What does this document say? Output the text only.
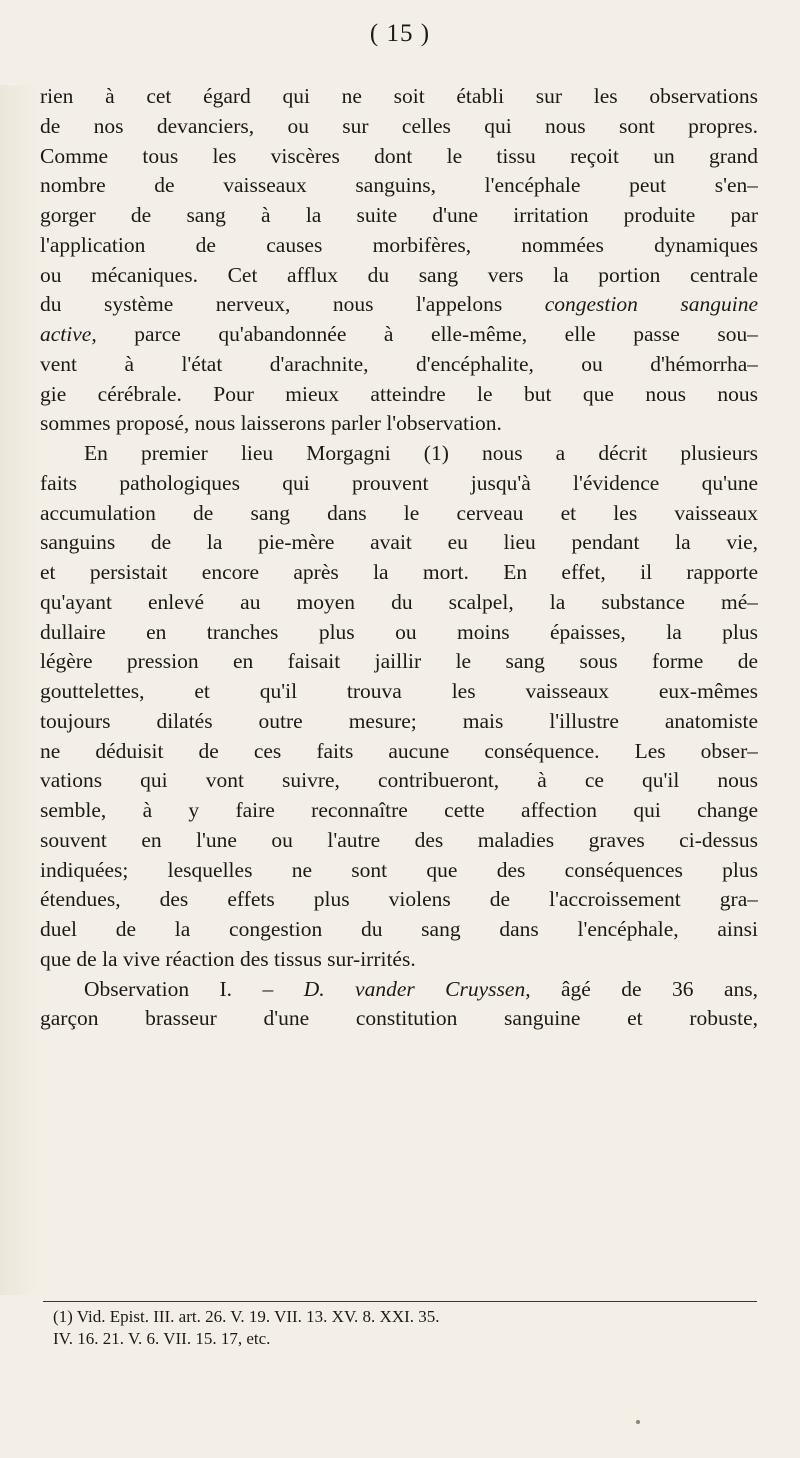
( 15 )
rien à cet égard qui ne soit établi sur les observations
de nos devanciers, ou sur celles qui nous sont propres.
Comme tous les viscères dont le tissu reçoit un grand
nombre de vaisseaux sanguins, l'encéphale peut s'en–
gorger de sang à la suite d'une irritation produite par
l'application de causes morbifères, nommées dynamiques
ou mécaniques. Cet afflux du sang vers la portion centrale
du système nerveux, nous l'appelons congestion sanguine
active, parce qu'abandonnée à elle-même, elle passe sou–
vent à l'état d'arachnite, d'encéphalite, ou d'hémorrha–
gie cérébrale. Pour mieux atteindre le but que nous nous
sommes proposé, nous laisserons parler l'observation.
En premier lieu Morgagni (1) nous a décrit plusieurs
faits pathologiques qui prouvent jusqu'à l'évidence qu'une
accumulation de sang dans le cerveau et les vaisseaux
sanguins de la pie-mère avait eu lieu pendant la vie,
et persistait encore après la mort. En effet, il rapporte
qu'ayant enlevé au moyen du scalpel, la substance mé–
dullaire en tranches plus ou moins épaisses, la plus
légère pression en faisait jaillir le sang sous forme de
gouttelettes, et qu'il trouva les vaisseaux eux-mêmes
toujours dilatés outre mesure; mais l'illustre anatomiste
ne déduisit de ces faits aucune conséquence. Les obser–
vations qui vont suivre, contribueront, à ce qu'il nous
semble, à y faire reconnaître cette affection qui change
souvent en l'une ou l'autre des maladies graves ci-dessus
indiquées; lesquelles ne sont que des conséquences plus
étendues, des effets plus violens de l'accroissement gra–
duel de la congestion du sang dans l'encéphale, ainsi
que de la vive réaction des tissus sur-irrités.
Observation I. – D. vander Cruyssen, âgé de 36 ans,
garçon brasseur d'une constitution sanguine et robuste,
(1) Vid. Epist. III. art. 26. V. 19. VII. 13. XV. 8. XXI. 35.
IV. 16. 21. V. 6. VII. 15. 17, etc.
